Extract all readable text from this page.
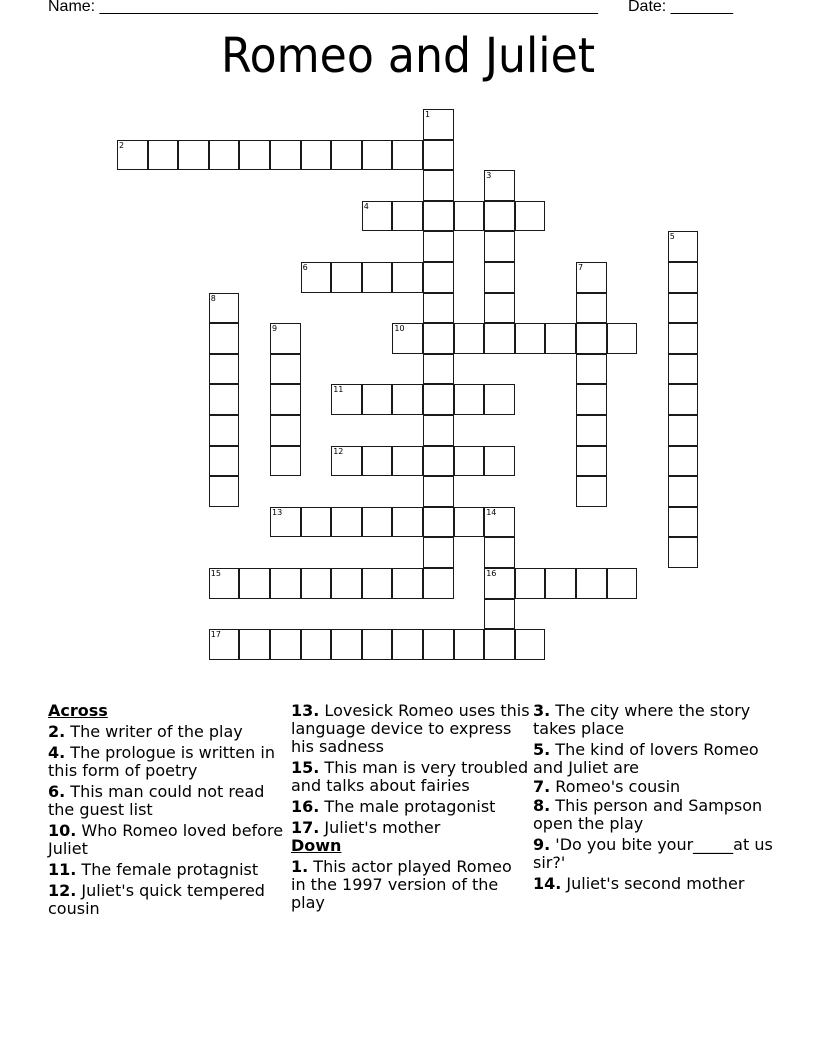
Name: ________________________________________________________ Date: _______
Romeo and Juliet
1
2
3
4
5
6	7
8
9	10
11
12
13	14
16
15
17
Across
2. The writer of the play
4. The prologue is written in this form of poetry
6. This man could not read the guest list
10. Who Romeo loved before Juliet
11. The female protagnist
12. Juliet's quick tempered cousin
13. Lovesick Romeo uses this language device to express his sadness
15. This man is very troubled and talks about fairies
16. The male protagonist
17. Juliet's mother
Down
1. This actor played Romeo in the 1997 version of the play
3. The city where the story takes place
5. The kind of lovers Romeo and Juliet are
7. Romeo's cousin
8. This person and Sampson open the play
9. 'Do you bite your_____at us sir?'
14. Juliet's second mother
